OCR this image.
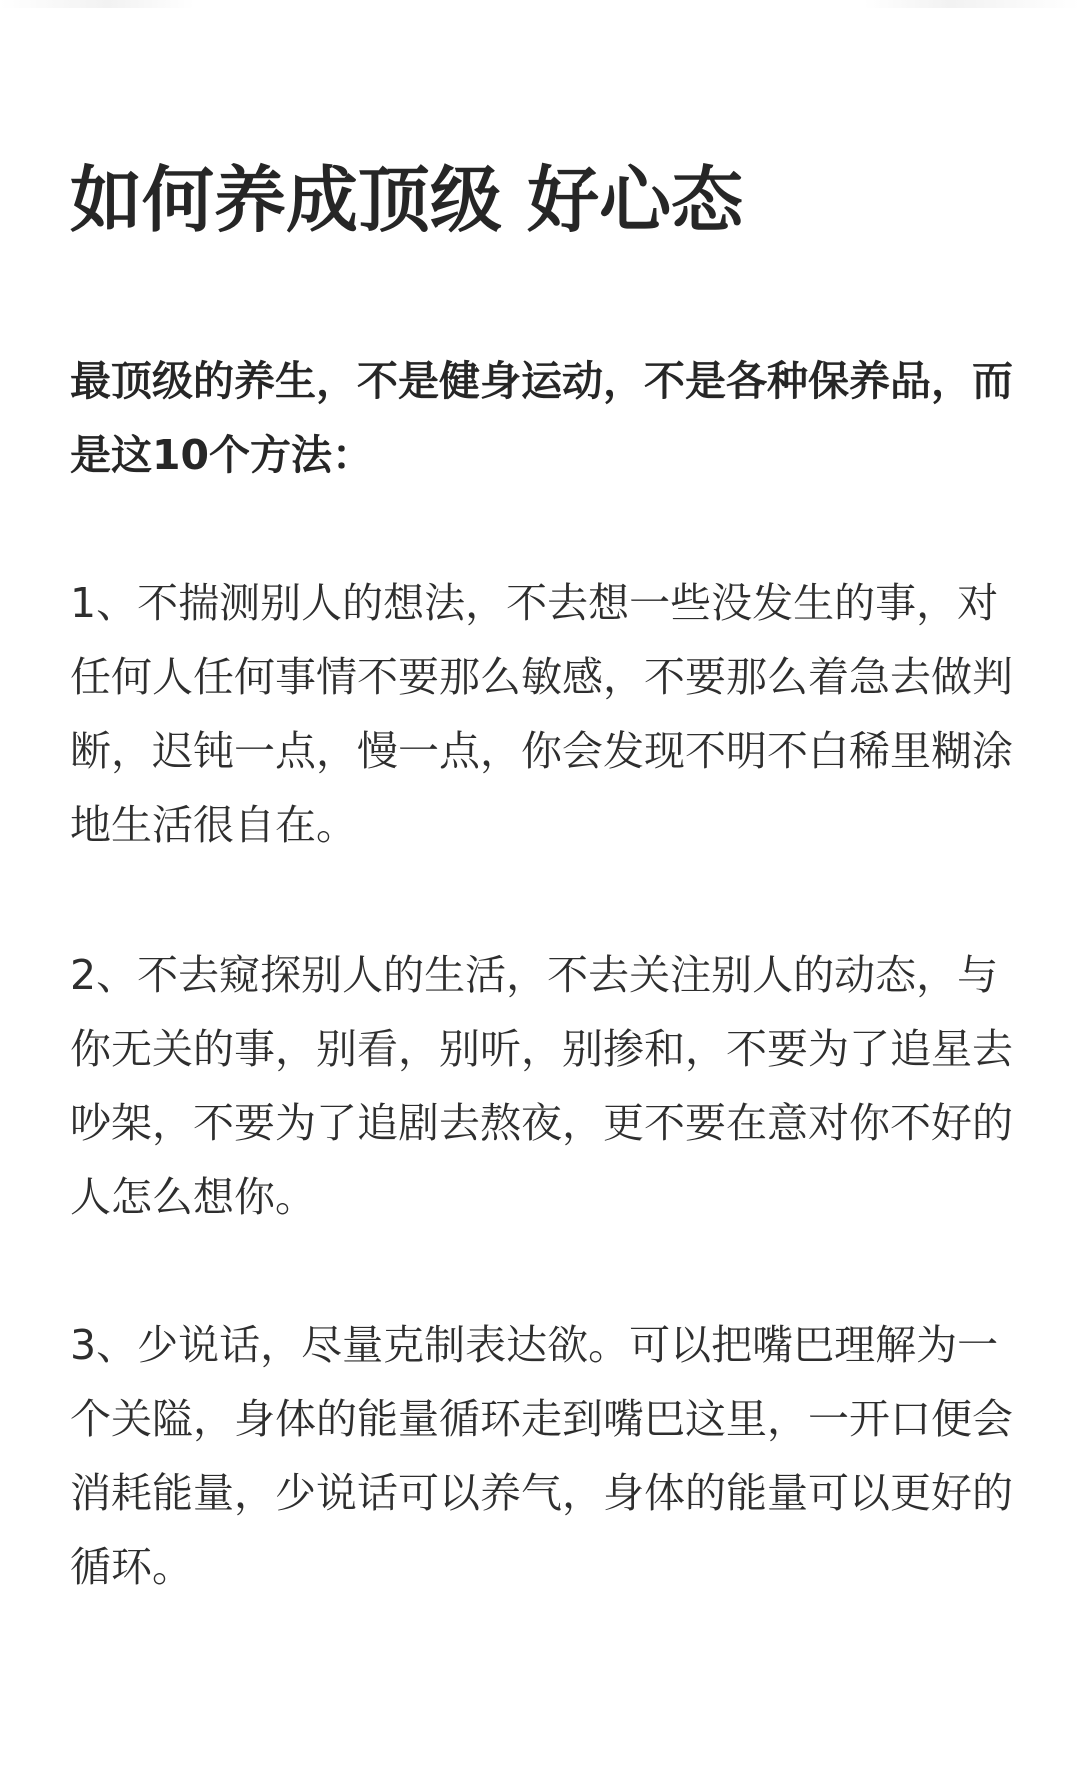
如何养成顶级 好心态

最顶级的养生，不是健身运动，不是各种保养品，而是这10个方法：

1、不揣测别人的想法，不去想一些没发生的事，对任何人任何事情不要那么敏感，不要那么着急去做判断，迟钝一点，慢一点，你会发现不明不白稀里糊涂地生活很自在。

2、不去窥探别人的生活，不去关注别人的动态，与你无关的事，别看，别听，别掺和，不要为了追星去吵架，不要为了追剧去熬夜，更不要在意对你不好的人怎么想你。

3、少说话，尽量克制表达欲。可以把嘴巴理解为一个关隘，身体的能量循环走到嘴巴这里，一开口便会消耗能量，少说话可以养气，身体的能量可以更好的循环。
